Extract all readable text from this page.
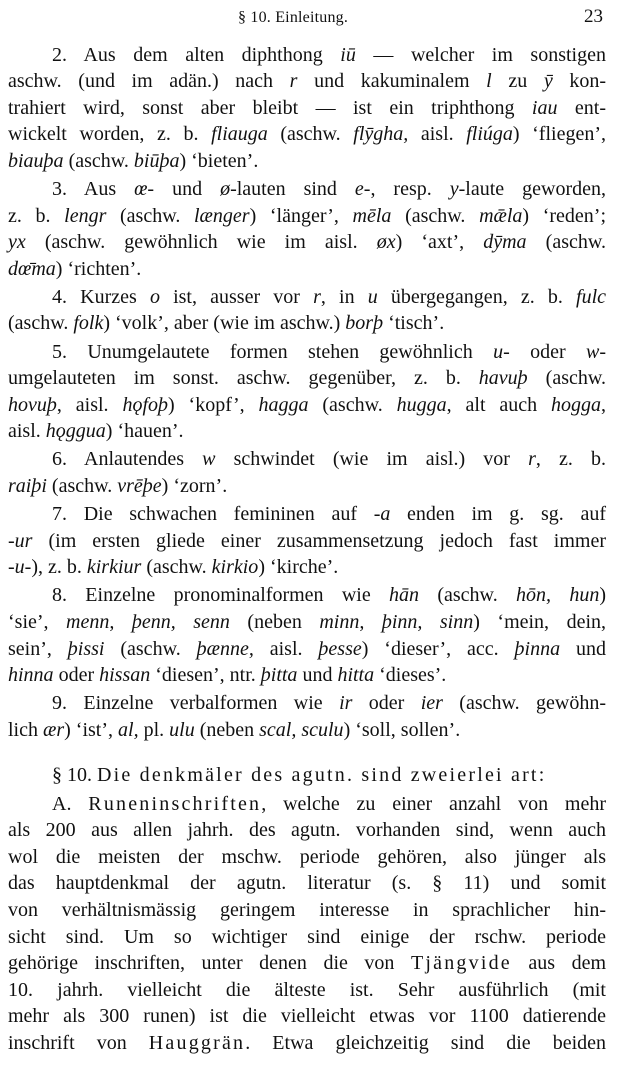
§ 10. Einleitung.	23
2. Aus dem alten diphthong iū — welcher im sonstigen
aschw. (und im adän.) nach r und kakuminalem l zu ȳ kon-
trahiert wird, sonst aber bleibt — ist ein triphthong iau ent-
wickelt worden, z. b. fliauga (aschw. flȳgha, aisl. fliúga) ‘fliegen’,
biauþa (aschw. biūþa) ‘bieten’.
3. Aus œ- und ø-lauten sind e-, resp. y-laute geworden,
z. b. lengr (aschw. længer) ‘länger’, mēla (aschw. mǣla) ‘reden’;
yx (aschw. gewöhnlich wie im aisl. øx) ‘axt’, dȳma (aschw.
dœ̄ma) ‘richten’.
4. Kurzes o ist, ausser vor r, in u übergegangen, z. b. fulc
(aschw. folk) ‘volk’, aber (wie im aschw.) borþ ‘tisch’.
5. Unumgelautete formen stehen gewöhnlich u- oder w-
umgelauteten im sonst. aschw. gegenüber, z. b. havuþ (aschw.
hovuþ, aisl. hǫfoþ) ‘kopf’, hagga (aschw. hugga, alt auch hogga,
aisl. hǫggua) ‘hauen’.
6. Anlautendes w schwindet (wie im aisl.) vor r, z. b.
raiþi (aschw. vrēþe) ‘zorn’.
7. Die schwachen femininen auf -a enden im g. sg. auf
-ur (im ersten gliede einer zusammensetzung jedoch fast immer
-u-), z. b. kirkiur (aschw. kirkio) ‘kirche’.
8. Einzelne pronominalformen wie hān (aschw. hōn, hun)
‘sie’, menn, þenn, senn (neben minn, þinn, sinn) ‘mein, dein,
sein’, þissi (aschw. þænne, aisl. þesse) ‘dieser’, acc. þinna und
hinna oder hissan ‘diesen’, ntr. þitta und hitta ‘dieses’.
9. Einzelne verbalformen wie ir oder ier (aschw. gewöhn-
lich ær) ‘ist’, al, pl. ulu (neben scal, sculu) ‘soll, sollen’.
§ 10. Die denkmäler des agutn. sind zweierlei art:
A. Runeninschriften, welche zu einer anzahl von mehr
als 200 aus allen jahrh. des agutn. vorhanden sind, wenn auch
wol die meisten der mschw. periode gehören, also jünger als
das hauptdenkmal der agutn. literatur (s. § 11) und somit
von verhältnismässig geringem interesse in sprachlicher hin-
sicht sind. Um so wichtiger sind einige der rschw. periode
gehörige inschriften, unter denen die von Tjängvide aus dem
10. jahrh. vielleicht die älteste ist. Sehr ausführlich (mit
mehr als 300 runen) ist die vielleicht etwas vor 1100 datierende
inschrift von Hauggrän. Etwa gleichzeitig sind die beiden
